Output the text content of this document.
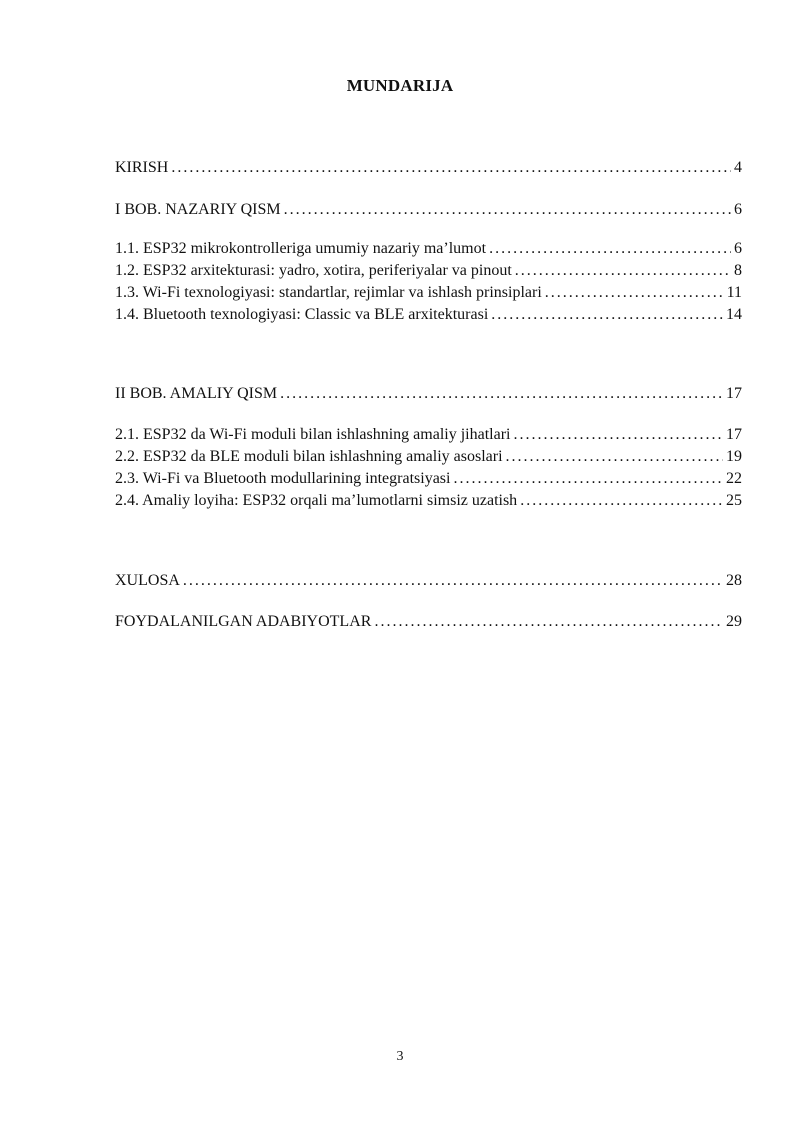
MUNDARIJA
KIRISH . . .	4
I BOB. NAZARIY QISM . . .	6
1.1. ESP32 mikrokontrolleriga umumiy nazariy ma’lumot . . .	6
1.2. ESP32 arxitekturasi: yadro, xotira, periferiyalar va pinout . . .	8
1.3. Wi-Fi texnologiyasi: standartlar, rejimlar va ishlash prinsiplari . . .	11
1.4. Bluetooth texnologiyasi: Classic va BLE arxitekturasi . . .	14
II BOB. AMALIY QISM . . .	17
2.1. ESP32 da Wi-Fi moduli bilan ishlashning amaliy jihatlari . . .	17
2.2. ESP32 da BLE moduli bilan ishlashning amaliy asoslari . . .	19
2.3. Wi-Fi va Bluetooth modullarining integratsiyasi . . .	22
2.4. Amaliy loyiha: ESP32 orqali ma’lumotlarni simsiz uzatish . . .	25
XULOSA . . .	28
FOYDALANILGAN ADABIYOTLAR . . .	29
3
